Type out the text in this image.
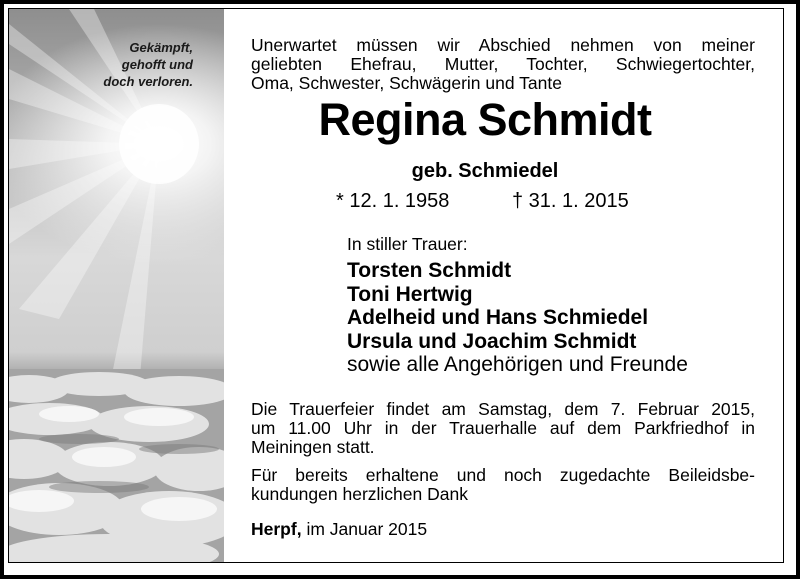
Gekämpft,
gehofft und
doch verloren.
Unerwartet müssen wir Abschied nehmen von meiner
geliebten Ehefrau, Mutter, Tochter, Schwiegertochter,
Oma, Schwester, Schwägerin und Tante
Regina Schmidt
geb. Schmiedel
* 12. 1. 1958	† 31. 1. 2015
In stiller Trauer:
Torsten Schmidt
Toni Hertwig
Adelheid und Hans Schmiedel
Ursula und Joachim Schmidt
sowie alle Angehörigen und Freunde
Die Trauerfeier findet am Samstag, dem 7. Februar 2015,
um 11.00 Uhr in der Trauerhalle auf dem Parkfriedhof in
Meiningen statt.
Für bereits erhaltene und noch zugedachte Beileidsbe-
kundungen herzlichen Dank
Herpf, im Januar 2015
